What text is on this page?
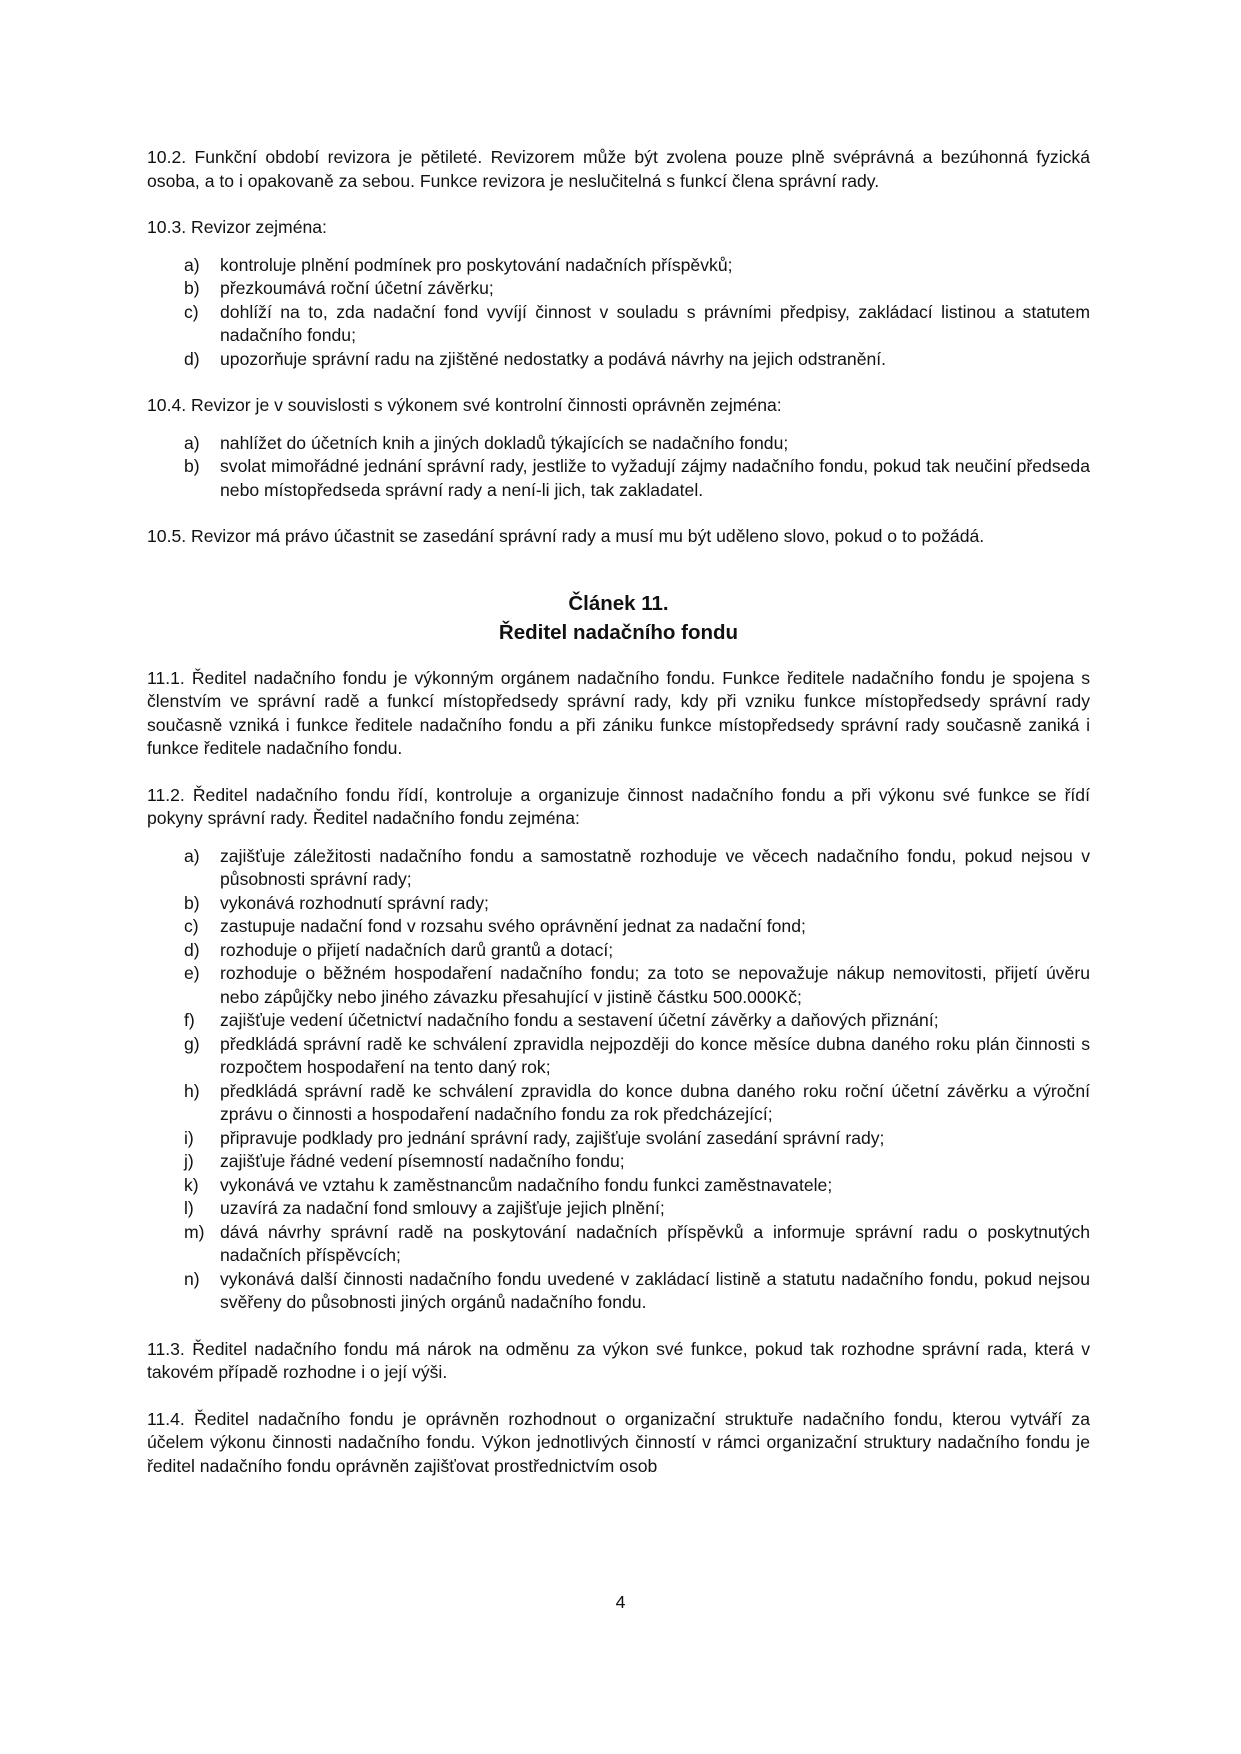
10.2. Funkční období revizora je pětileté. Revizorem může být zvolena pouze plně svéprávná a bezúhonná fyzická osoba, a to i opakovaně za sebou. Funkce revizora je neslučitelná s funkcí člena správní rady.

10.3. Revizor zejména:

a)	kontroluje plnění podmínek pro poskytování nadačních příspěvků;
b)	přezkoumává roční účetní závěrku;
c)	dohlíží na to, zda nadační fond vyvíjí činnost v souladu s právními předpisy, zakládací listinou a statutem nadačního fondu;
d)	upozorňuje správní radu na zjištěné nedostatky a podává návrhy na jejich odstranění.

10.4. Revizor je v souvislosti s výkonem své kontrolní činnosti oprávněn zejména:

a)	nahlížet do účetních knih a jiných dokladů týkajících se nadačního fondu;
b)	svolat mimořádné jednání správní rady, jestliže to vyžadují zájmy nadačního fondu, pokud tak neučiní předseda nebo místopředseda správní rady a není-li jich, tak zakladatel.

10.5. Revizor má právo účastnit se zasedání správní rady a musí mu být uděleno slovo, pokud o to požádá.

Článek 11.
Ředitel nadačního fondu

11.1. Ředitel nadačního fondu je výkonným orgánem nadačního fondu. Funkce ředitele nadačního fondu je spojena s členstvím ve správní radě a funkcí místopředsedy správní rady, kdy při vzniku funkce místopředsedy správní rady současně vzniká i funkce ředitele nadačního fondu a při zániku funkce místopředsedy správní rady současně zaniká i funkce ředitele nadačního fondu.

11.2. Ředitel nadačního fondu řídí, kontroluje a organizuje činnost nadačního fondu a při výkonu své funkce se řídí pokyny správní rady. Ředitel nadačního fondu zejména:

a)	zajišťuje záležitosti nadačního fondu a samostatně rozhoduje ve věcech nadačního fondu, pokud nejsou v působnosti správní rady;
b)	vykonává rozhodnutí správní rady;
c)	zastupuje nadační fond v rozsahu svého oprávnění jednat za nadační fond;
d)	rozhoduje o přijetí nadačních darů grantů a dotací;
e)	rozhoduje o běžném hospodaření nadačního fondu; za toto se nepovažuje nákup nemovitosti, přijetí úvěru nebo zápůjčky nebo jiného závazku přesahující v jistině částku 500.000Kč;
f)	zajišťuje vedení účetnictví nadačního fondu a sestavení účetní závěrky a daňových přiznání;
g)	předkládá správní radě ke schválení zpravidla nejpozději do konce měsíce dubna daného roku plán činnosti s rozpočtem hospodaření na tento daný rok;
h)	předkládá správní radě ke schválení zpravidla do konce dubna daného roku roční účetní závěrku a výroční zprávu o činnosti a hospodaření nadačního fondu za rok předcházející;
i)	připravuje podklady pro jednání správní rady, zajišťuje svolání zasedání správní rady;
j)	zajišťuje řádné vedení písemností nadačního fondu;
k)	vykonává ve vztahu k zaměstnancům nadačního fondu funkci zaměstnavatele;
l)	uzavírá za nadační fond smlouvy a zajišťuje jejich plnění;
m) dává návrhy správní radě na poskytování nadačních příspěvků a informuje správní radu o poskytnutých nadačních příspěvcích;
n)	vykonává další činnosti nadačního fondu uvedené v zakládací listině a statutu nadačního fondu, pokud nejsou svěřeny do působnosti jiných orgánů nadačního fondu.

11.3. Ředitel nadačního fondu má nárok na odměnu za výkon své funkce, pokud tak rozhodne správní rada, která v takovém případě rozhodne i o její výši.

11.4. Ředitel nadačního fondu je oprávněn rozhodnout o organizační struktuře nadačního fondu, kterou vytváří za účelem výkonu činnosti nadačního fondu. Výkon jednotlivých činností v rámci organizační struktury nadačního fondu je ředitel nadačního fondu oprávněn zajišťovat prostřednictvím osob

4
